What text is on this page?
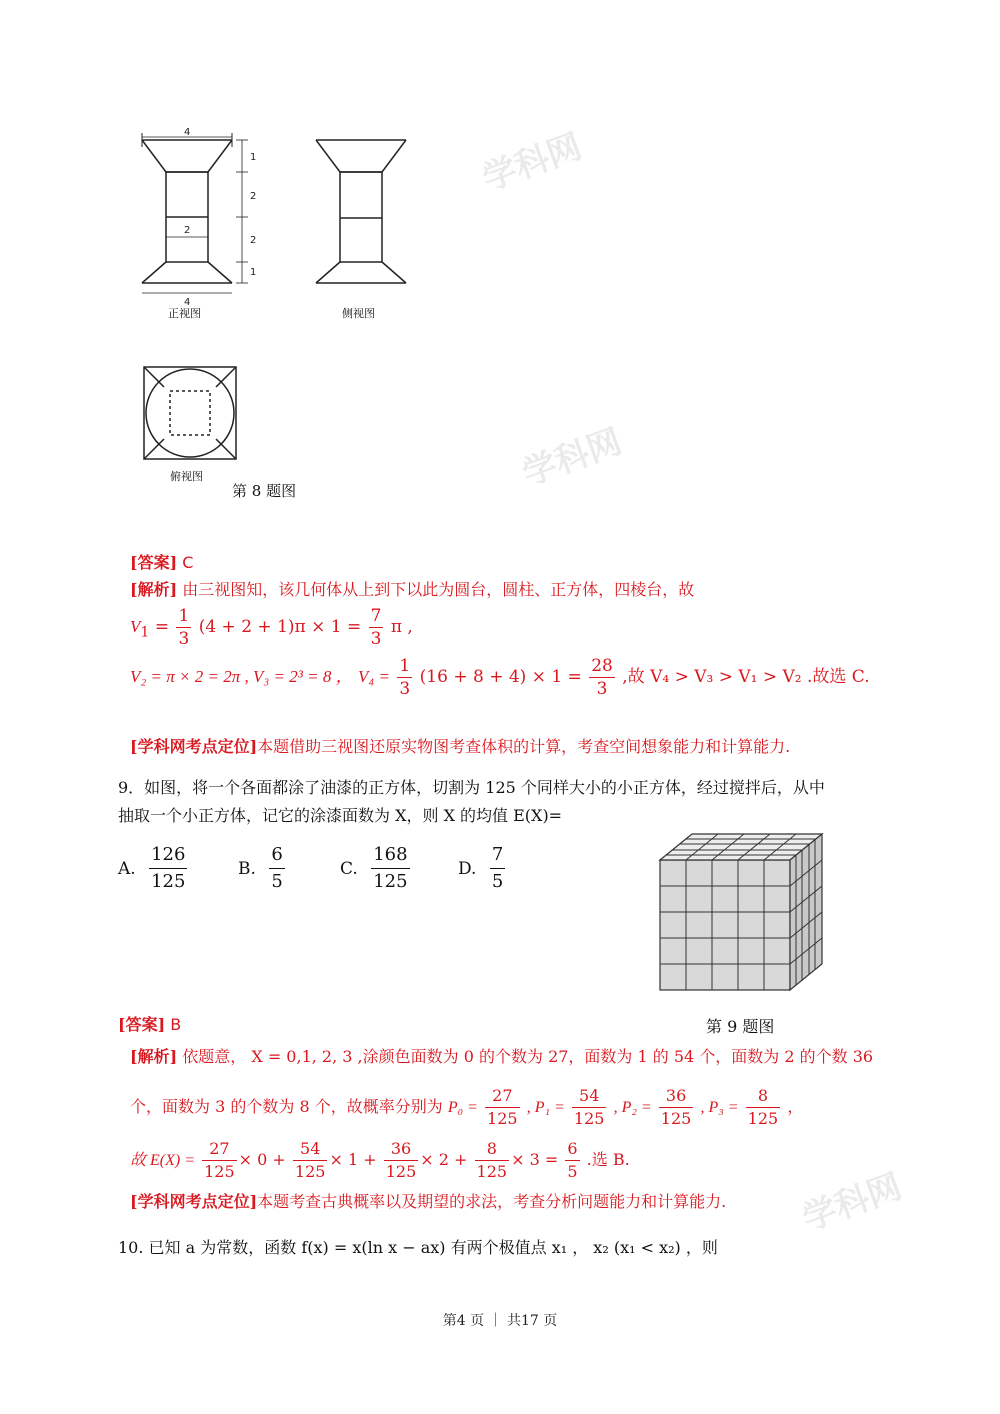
学科网
学科网
学科网
4
2
4
1
2
2
1
正视图	侧视图
俯视图
第 8 题图
[答案] C
[解析] 由三视图知，该几何体从上到下以此为圆台，圆柱、正方体，四棱台，故
$V_1 = \frac{1}{3} (4 + 2 + 1)\pi \times 1 = \frac{7}{3}$ π ,
V₂ = π × 2 = 2π , V₃ = 2³ = 8 ， $V_4 = \frac{1}{3} (16 + 8 + 4) \times 1 = \frac{28}{3}$ ,故 V₄ > V₃ > V₁ > V₂ .故选 C.
[学科网考点定位]本题借助三视图还原实物图考查体积的计算，考查空间想象能力和计算能力.
9．如图，将一个各面都涂了油漆的正方体，切割为 125 个同样大小的小正方体，经过搅拌后，从中
抽取一个小正方体，记它的涂漆面数为 X，则 X 的均值 E(X)=
A. $\frac{126}{125}$	B. $\frac{6}{5}$	C. $\frac{168}{125}$	D. $\frac{7}{5}$
第 9 题图
[答案] B
[解析] 依题意， X = 0,1, 2, 3 ,涂颜色面数为 0 的个数为 27，面数为 1 的 54 个，面数为 2 的个数 36
个，面数为 3 的个数为 8 个，故概率分别为 $P_0 = \frac{27}{125}$ , $P_1 = \frac{54}{125}$ , $P_2 = \frac{36}{125}$ , $P_3 = \frac{8}{125}$ ，
故 $E(X) = \frac{27}{125} \times 0 + \frac{54}{125} \times 1 + \frac{36}{125} \times 2 + \frac{8}{125} \times 3 = \frac{6}{5}$ .选 B.
[学科网考点定位]本题考查古典概率以及期望的求法，考查分析问题能力和计算能力.
10. 已知 a 为常数，函数 f(x) = x(ln x − ax) 有两个极值点 x₁ ， x₂ (x₁ < x₂) ，则
第4 页 ｜ 共17 页
